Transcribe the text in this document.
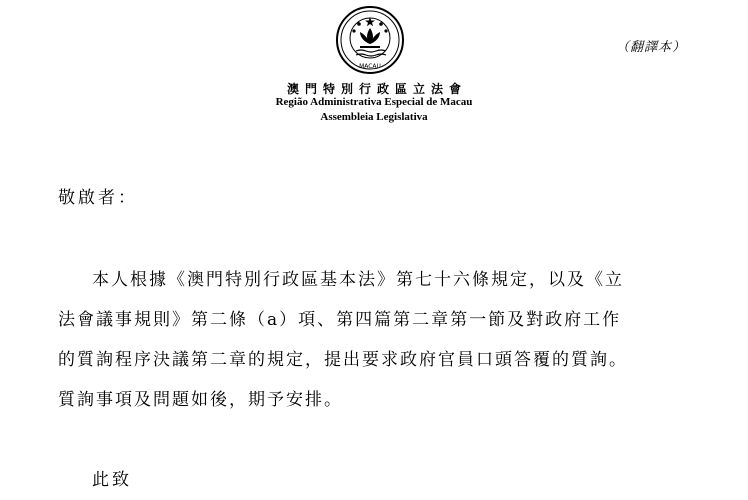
MACAU
（翻譯本）
澳門特別行政區立法會
Região Administrativa Especial de Macau
Assembleia Legislativa
敬啟者：
本人根據《澳門特別行政區基本法》第七十六條規定，以及《立
法會議事規則》第二條（a）項、第四篇第二章第一節及對政府工作
的質詢程序決議第二章的規定，提出要求政府官員口頭答覆的質詢。
質詢事項及問題如後，期予安排。
此致
